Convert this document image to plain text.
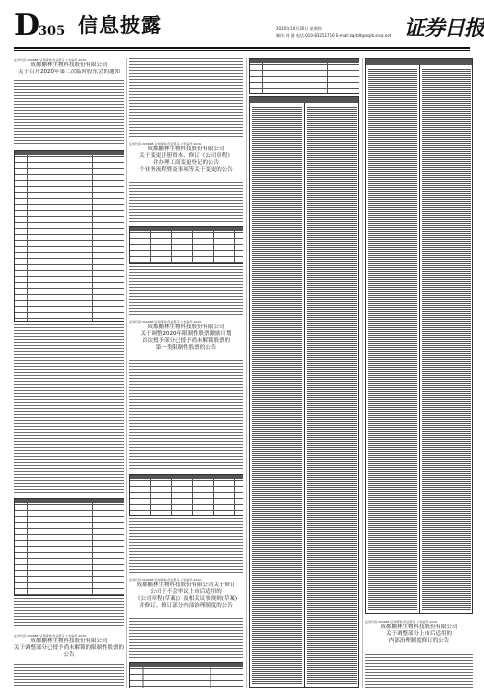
D
305 信息披露	2020年10月30日 星期四
制作:刘 倩 电话:010-83251716 E-mail:zqrb9@zqrb.sina.net 证券日报
证券代码:300688 证券简称:创业黑马 公告编号:2020-
成都鹏林生物科技股份有限公司
关于召开2020年第二次临时股东会的通知
证券代码:300688 证券简称:创业黑马 公告编号:2020-
成都鹏林生物科技股份有限公司
关于调整部分已授予尚未解锁的限制性股票的公告
证券代码:300688 证券简称:创业黑马 公告编号:2020-
成都鹏林生物科技股份有限公司
关于变更注册资本、修订《公司章程》
并办理工商变更登记的公告
个业务流程暨及事项等关于变更的公告
证券代码:300688 证券简称:创业黑马 公告编号:2020-
成都鹏林生物科技股份有限公司
关于调整2020年限制性股票激励计划
首次授予部分已授予尚未解锁股票的
第一类限制性股票的公告
证券代码:300688 证券简称:创业黑马 公告编号:2020-
成都鹏林生物科技股份有限公司关于修订
公司于不会审议上市后适用的
《公司章程(草案)》及相关议事规则(草案)
并修订、修订部分内部治理制度的公告
证券代码:300688 证券简称:创业黑马 公告编号:2020-
成都鹏林生物科技股份有限公司
关于调整部分上市后适用的
内部治理制度修订的公告
